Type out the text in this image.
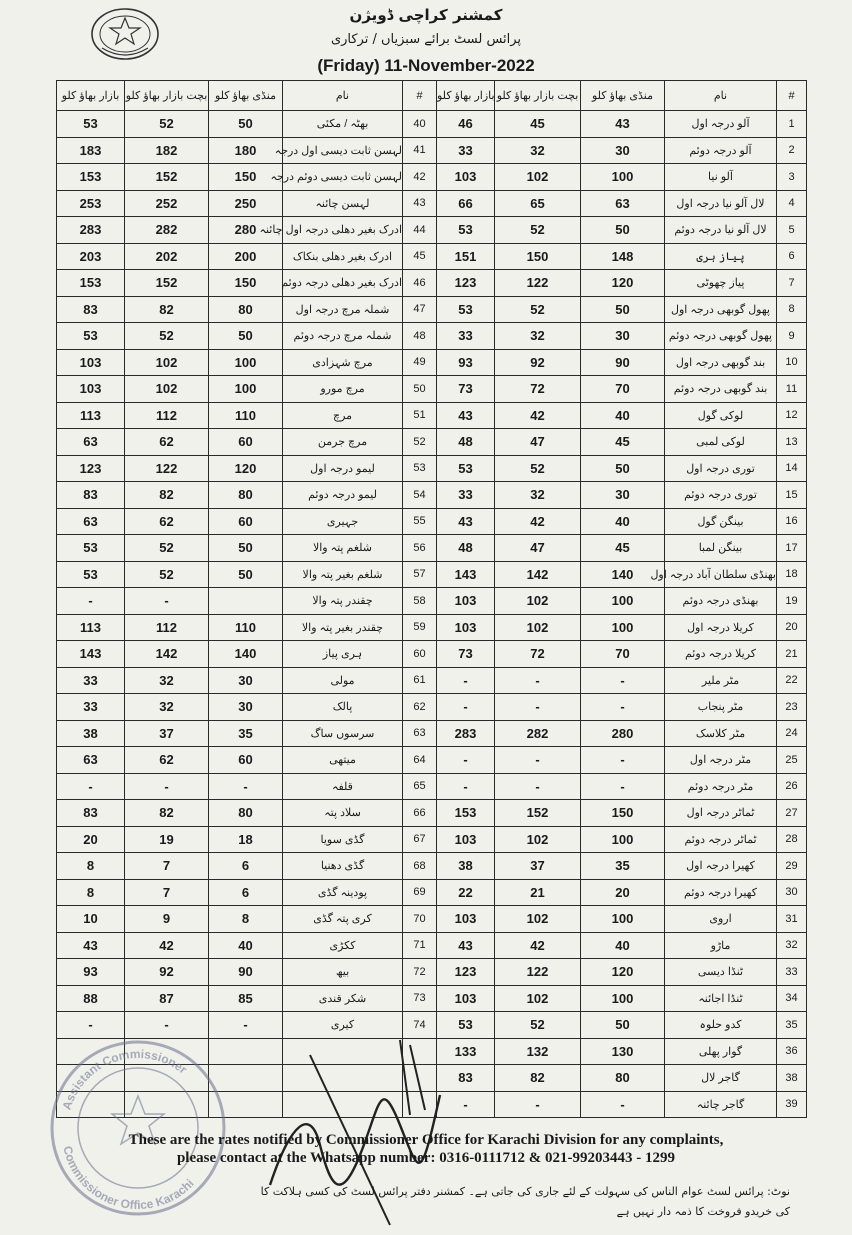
کمشنر کراچی ڈویژن
پرائس لسٹ برائے سبزیاں / ترکاری
(Friday) 11-November-2022
بازار بھاؤ کلو	بچت بازار بھاؤ کلو	منڈی بھاؤ کلو	نام	#
53	52	50	بھٹہ / مکئی	40
183	182	180	لہسن ثابت دیسی اول درجہ	41
153	152	150	لہسن ثابت دیسی دوئم درجہ	42
253	252	250	لہسن چائنہ	43
283	282	280	ادرک بغیر دھلی درجہ اول چائنہ	44
203	202	200	ادرک بغیر دھلی بنکاک	45
153	152	150	ادرک بغیر دھلی درجہ دوئم	46
83	82	80	شملہ مرچ درجہ اول	47
53	52	50	شملہ مرچ درجہ دوئم	48
103	102	100	مرچ شہزادی	49
103	102	100	مرچ مورو	50
113	112	110	مرچ	51
63	62	60	مرچ جرمن	52
123	122	120	لیمو درجہ اول	53
83	82	80	لیمو درجہ دوئم	54
63	62	60	جہیری	55
53	52	50	شلغم پتہ والا	56
53	52	50	شلغم بغیر پتہ والا	57
-	-		چقندر پتہ والا	58
113	112	110	چقندر بغیر پتہ والا	59
143	142	140	ہری پیاز	60
33	32	30	مولی	61
33	32	30	پالک	62
38	37	35	سرسوں ساگ	63
63	62	60	میتھی	64
-	-	-	قلفہ	65
83	82	80	سلاد پتہ	66
20	19	18	گڈی سویا	67
8	7	6	گڈی دھنیا	68
8	7	6	پودینہ گڈی	69
10	9	8	کری پتہ گڈی	70
43	42	40	ککڑی	71
93	92	90	بیھ	72
88	87	85	شکر قندی	73
-	-	-	کیری	74

بازار بھاؤ کلو	بچت بازار بھاؤ کلو	منڈی بھاؤ کلو	نام	#
46	45	43	آلو درجہ اول	1
33	32	30	آلو درجہ دوئم	2
103	102	100	آلو نیا	3
66	65	63	لال آلو نیا درجہ اول	4
53	52	50	لال آلو نیا درجہ دوئم	5
151	150	148	پیاز ہری	6
123	122	120	پیاز چھوٹی	7
53	52	50	پھول گوبھی درجہ اول	8
33	32	30	پھول گوبھی درجہ دوئم	9
93	92	90	بند گوبھی درجہ اول	10
73	72	70	بند گوبھی درجہ دوئم	11
43	42	40	لوکی گول	12
48	47	45	لوکی لمبی	13
53	52	50	توری درجہ اول	14
33	32	30	توری درجہ دوئم	15
43	42	40	بینگن گول	16
48	47	45	بینگن لمبا	17
143	142	140	بھنڈی سلطان آباد درجہ اول	18
103	102	100	بھنڈی درجہ دوئم	19
103	102	100	کریلا درجہ اول	20
73	72	70	کریلا درجہ دوئم	21
-	-	-	مٹر ملیر	22
-	-	-	مٹر پنجاب	23
283	282	280	مٹر کلاسک	24
-	-	-	مٹر درجہ اول	25
-	-	-	مٹر درجہ دوئم	26
153	152	150	ٹماٹر درجہ اول	27
103	102	100	ٹماٹر درجہ دوئم	28
38	37	35	کھیرا درجہ اول	29
22	21	20	کھیرا درجہ دوئم	30
103	102	100	اروی	31
43	42	40	ماڑو	32
123	122	120	ٹنڈا دیسی	33
103	102	100	ٹنڈا اجائنہ	34
53	52	50	کدو حلوہ	35
133	132	130	گوار پھلی	36
83	82	80	گاجر لال	38
-	-	-	گاجر چائنہ	39
Assistant Commissioner
Commissioner Office Karachi
These are the rates notified by Commissioner Office for Karachi Division for any complaints,
please contact at the Whatsapp number: 0316-0111712 & 021-99203443 - 1299
نوٹ: پرائس لسٹ عوام الناس کی سہولت کے لئے جاری کی جاتی ہے۔ کمشنر دفتر پرائس لسٹ کی کسی ہلاکت کا
کی خریدو فروخت کا ذمہ دار نہیں ہے
